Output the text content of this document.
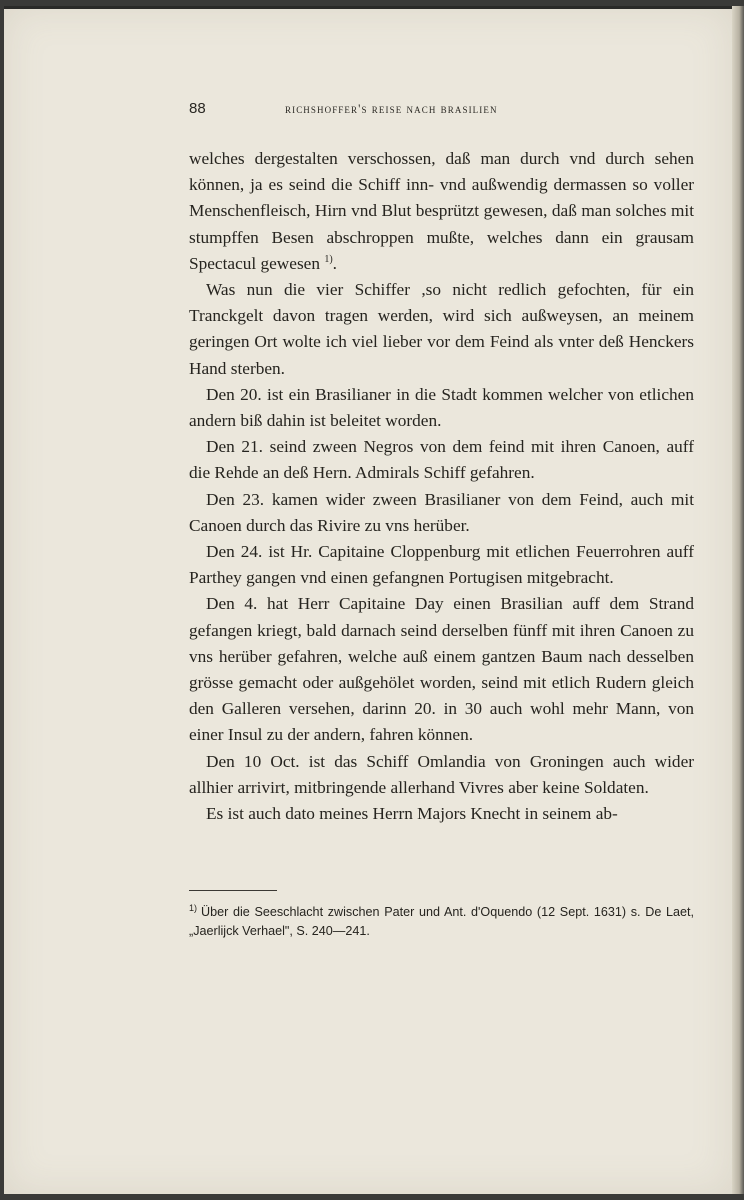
88	richshoffer's reise nach brasilien

welches dergestalten verschossen, daß man durch vnd durch sehen können, ja es seind die Schiff inn- vnd außwendig dermassen so voller Menschenfleisch, Hirn vnd Blut besprützt gewesen, daß man solches mit stumpffen Besen abschroppen mußte, welches dann ein grausam Spectacul gewesen $^{1)}$.

Was nun die vier Schiffer ,so nicht redlich gefochten, für ein Tranckgelt davon tragen werden, wird sich außweysen, an meinem geringen Ort wolte ich viel lieber vor dem Feind als vnter deß Henckers Hand sterben.

Den 20. ist ein Brasilianer in die Stadt kommen welcher von etlichen andern biß dahin ist beleitet worden.

Den 21. seind zween Negros von dem feind mit ihren Canoen, auff die Rehde an deß Hern. Admirals Schiff gefahren.

Den 23. kamen wider zween Brasilianer von dem Feind, auch mit Canoen durch das Rivire zu vns herüber.

Den 24. ist Hr. Capitaine Cloppenburg mit etlichen Feuerrohren auff Parthey gangen vnd einen gefangnen Portugisen mitgebracht.

Den 4. hat Herr Capitaine Day einen Brasilian auff dem Strand gefangen kriegt, bald darnach seind derselben fünff mit ihren Canoen zu vns herüber gefahren, welche auß einem gantzen Baum nach desselben grösse gemacht oder außgehölet worden, seind mit etlich Rudern gleich den Galleren versehen, darinn 20. in 30 auch wohl mehr Mann, von einer Insul zu der andern, fahren können.

Den 10 Oct. ist das Schiff Omlandia von Groningen auch wider allhier arrivirt, mitbringende allerhand Vivres aber keine Soldaten.

Es ist auch dato meines Herrn Majors Knecht in seinem ab-

$^{1)}$ Über die Seeschlacht zwischen Pater und Ant. d'Oquendo (12 Sept. 1631) s. De Laet, „Jaerlijck Verhael", S. 240—241.
